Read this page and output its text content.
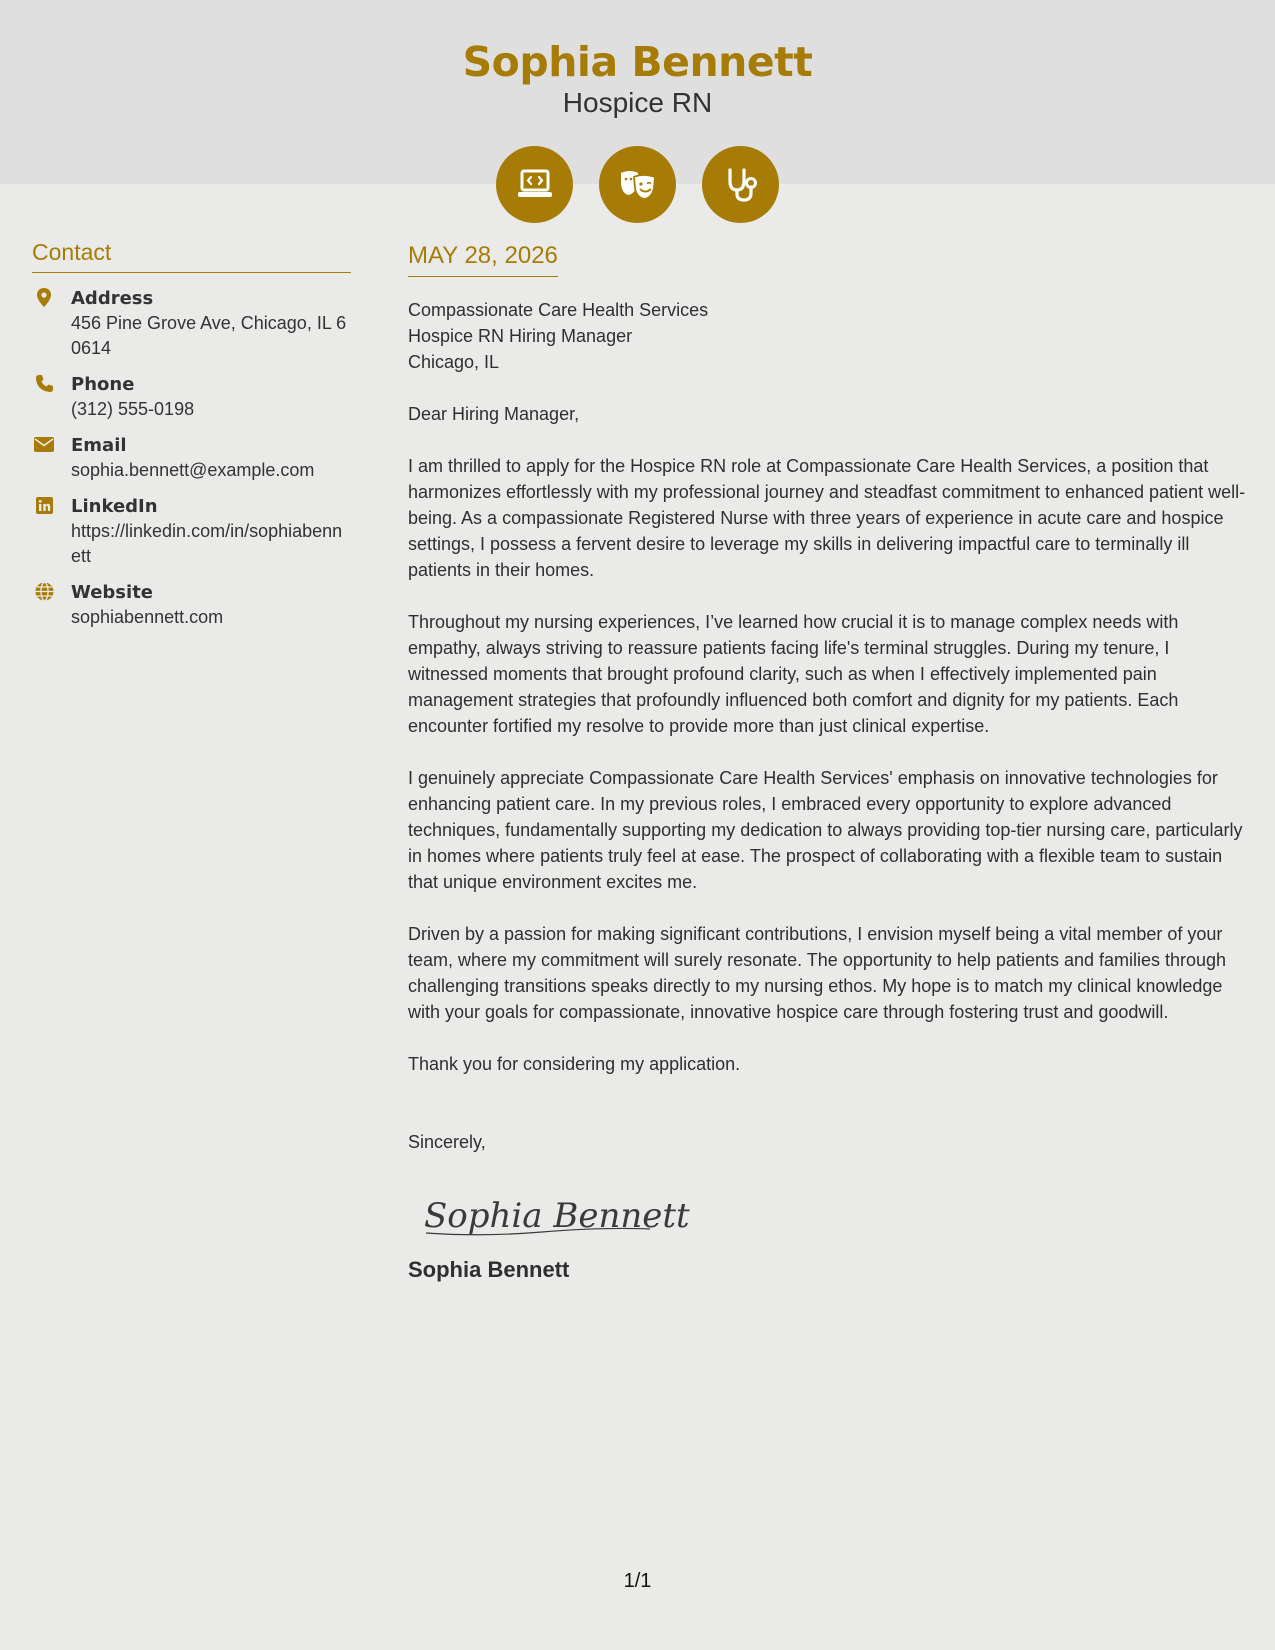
Sophia Bennett
Hospice RN
Contact
Address
456 Pine Grove Ave, Chicago, IL 60614
Phone
(312) 555-0198
Email
sophia.bennett@example.com
LinkedIn
https://linkedin.com/in/sophiabennett
Website
sophiabennett.com
MAY 28, 2026
Compassionate Care Health Services
Hospice RN Hiring Manager
Chicago, IL
Dear Hiring Manager,
I am thrilled to apply for the Hospice RN role at Compassionate Care Health Services, a position that harmonizes effortlessly with my professional journey and steadfast commitment to enhanced patient well-being. As a compassionate Registered Nurse with three years of experience in acute care and hospice settings, I possess a fervent desire to leverage my skills in delivering impactful care to terminally ill patients in their homes.
Throughout my nursing experiences, I’ve learned how crucial it is to manage complex needs with empathy, always striving to reassure patients facing life's terminal struggles. During my tenure, I witnessed moments that brought profound clarity, such as when I effectively implemented pain management strategies that profoundly influenced both comfort and dignity for my patients. Each encounter fortified my resolve to provide more than just clinical expertise.
I genuinely appreciate Compassionate Care Health Services' emphasis on innovative technologies for enhancing patient care. In my previous roles, I embraced every opportunity to explore advanced techniques, fundamentally supporting my dedication to always providing top-tier nursing care, particularly in homes where patients truly feel at ease. The prospect of collaborating with a flexible team to sustain that unique environment excites me.
Driven by a passion for making significant contributions, I envision myself being a vital member of your team, where my commitment will surely resonate. The opportunity to help patients and families through challenging transitions speaks directly to my nursing ethos. My hope is to match my clinical knowledge with your goals for compassionate, innovative hospice care through fostering trust and goodwill.
Thank you for considering my application.
Sincerely,
Sophia Bennett
Sophia Bennett
1/1
